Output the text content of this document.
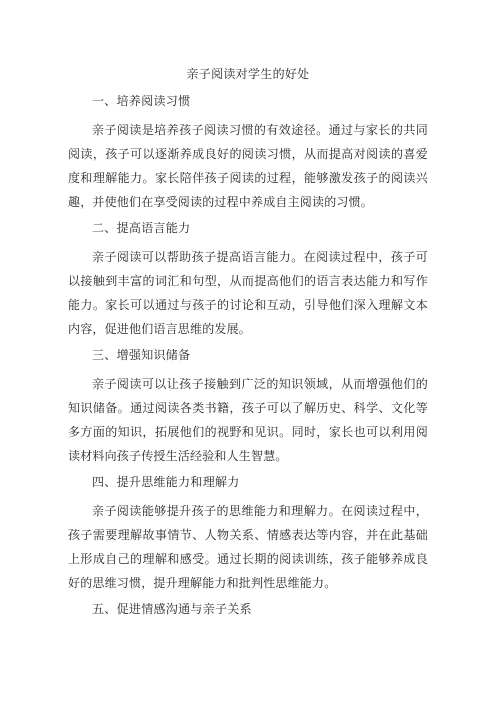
亲子阅读对学生的好处
一、培养阅读习惯
亲子阅读是培养孩子阅读习惯的有效途径。通过与家长的共同阅读，孩子可以逐渐养成良好的阅读习惯，从而提高对阅读的喜爱度和理解能力。家长陪伴孩子阅读的过程，能够激发孩子的阅读兴趣，并使他们在享受阅读的过程中养成自主阅读的习惯。
二、提高语言能力
亲子阅读可以帮助孩子提高语言能力。在阅读过程中，孩子可以接触到丰富的词汇和句型，从而提高他们的语言表达能力和写作能力。家长可以通过与孩子的讨论和互动，引导他们深入理解文本内容，促进他们语言思维的发展。
三、增强知识储备
亲子阅读可以让孩子接触到广泛的知识领域，从而增强他们的知识储备。通过阅读各类书籍，孩子可以了解历史、科学、文化等多方面的知识，拓展他们的视野和见识。同时，家长也可以利用阅读材料向孩子传授生活经验和人生智慧。
四、提升思维能力和理解力
亲子阅读能够提升孩子的思维能力和理解力。在阅读过程中，孩子需要理解故事情节、人物关系、情感表达等内容，并在此基础上形成自己的理解和感受。通过长期的阅读训练，孩子能够养成良好的思维习惯，提升理解能力和批判性思维能力。
五、促进情感沟通与亲子关系
